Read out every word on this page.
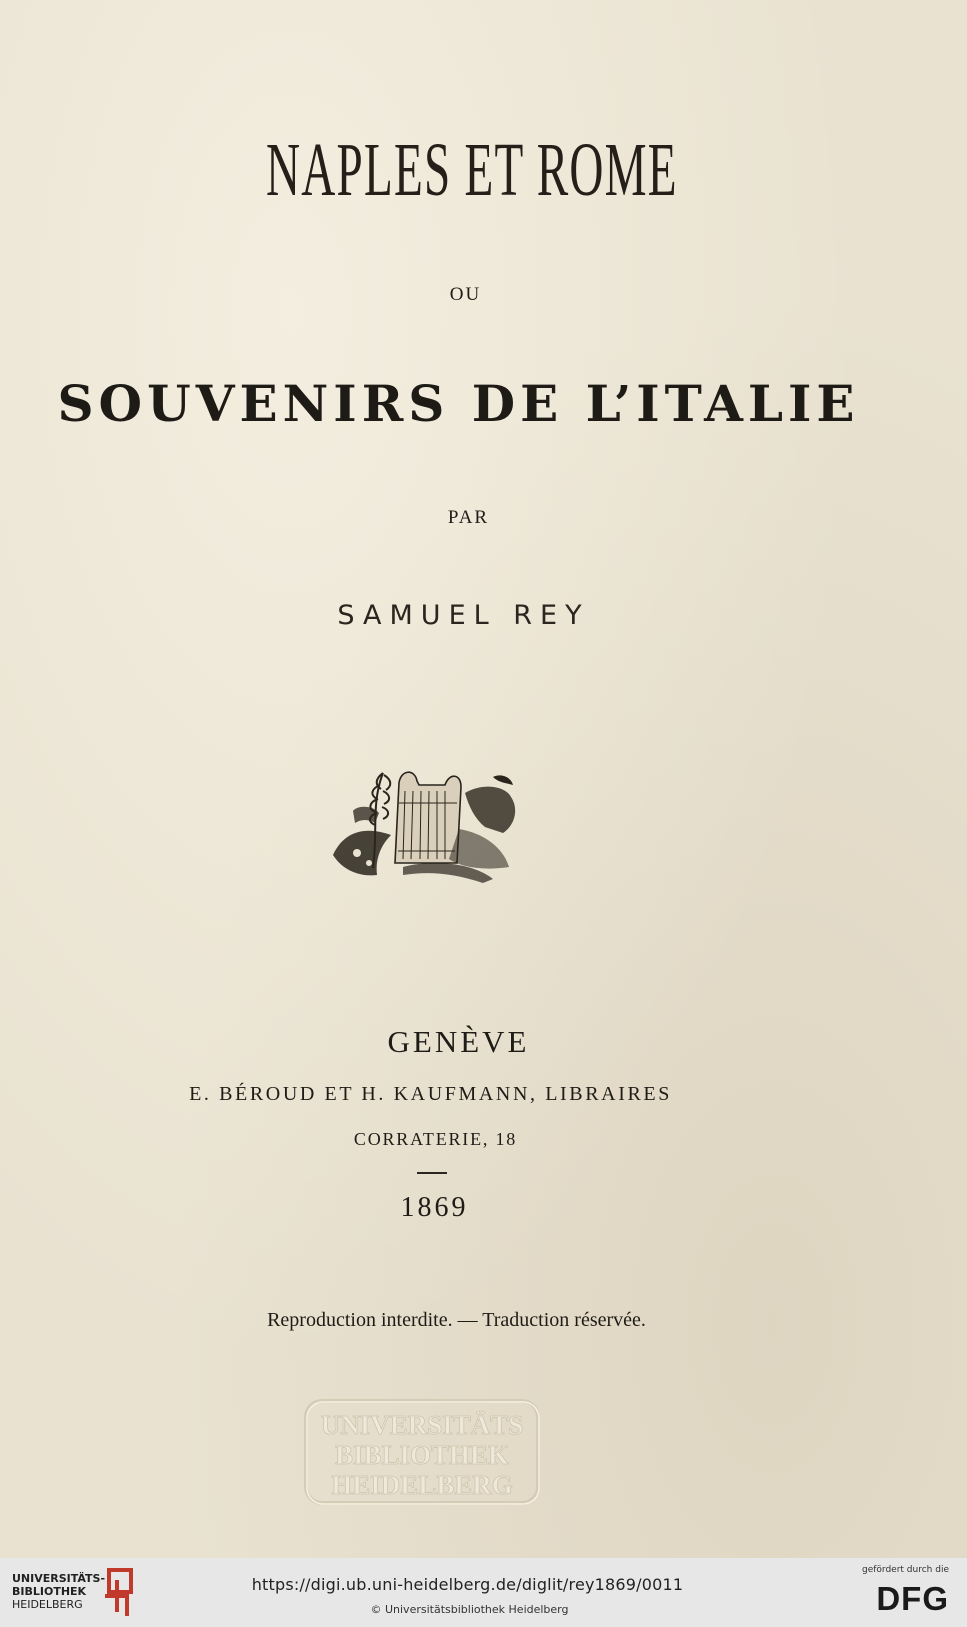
NAPLES ET ROME
OU
SOUVENIRS DE L’ITALIE
PAR
SAMUEL REY
GENÈVE
E. BÉROUD ET H. KAUFMANN, LIBRAIRES
CORRATERIE, 18
1869
Reproduction interdite. — Traduction réservée.
UNIVERSITÄTS
BIBLIOTHEK
HEIDELBERG
UNIVERSITÄTS-
BIBLIOTHEK
HEIDELBERG
https://digi.ub.uni-heidelberg.de/diglit/rey1869/0011
© Universitätsbibliothek Heidelberg
gefördert durch die
DFG
